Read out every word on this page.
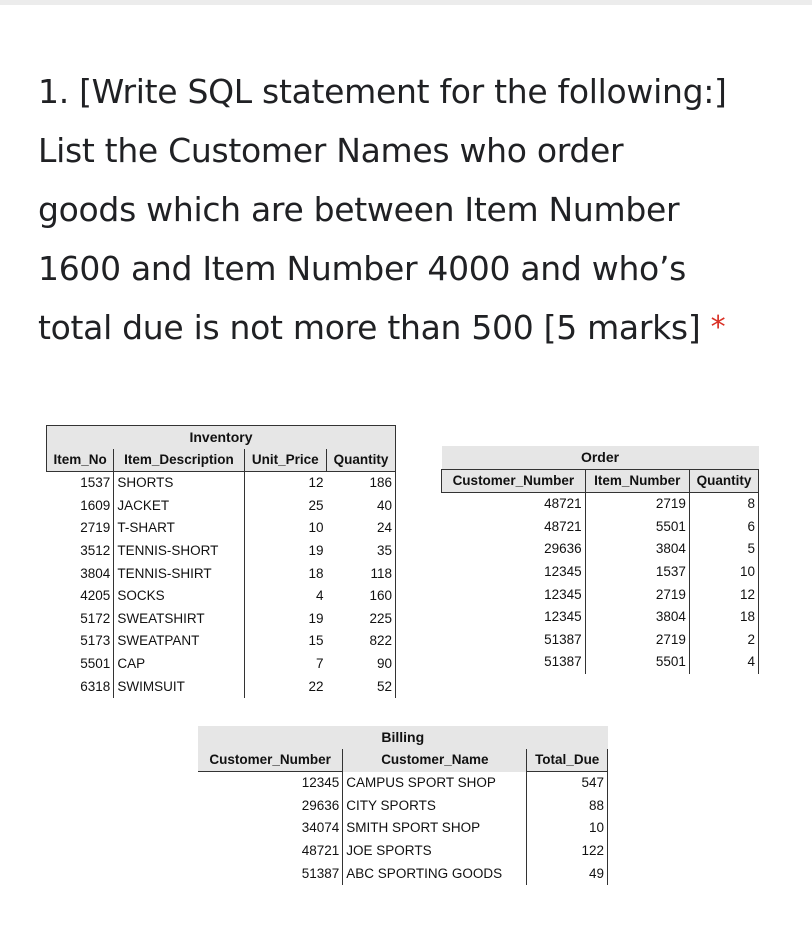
1. [Write SQL statement for the following:]
List the Customer Names who order
goods which are between Item Number
1600 and Item Number 4000 and who’s
total due is not more than 500 [5 marks] *
Inventory			
Item_No	Item_Description	Unit_Price	Quantity
1537	SHORTS	12	186
1609	JACKET	25	40
2719	T-SHART	10	24
3512	TENNIS-SHORT	19	35
3804	TENNIS-SHIRT	18	118
4205	SOCKS	4	160
5172	SWEATSHIRT	19	225
5173	SWEATPANT	15	822
5501	CAP	7	90
6318	SWIMSUIT	22	52
Order		
Customer_Number	Item_Number	Quantity
48721	2719	8
48721	5501	6
29636	3804	5
12345	1537	10
12345	2719	12
12345	3804	18
51387	2719	2
51387	5501	4
Billing		
Customer_Number	Customer_Name	Total_Due
12345	CAMPUS SPORT SHOP	547
29636	CITY SPORTS	88
34074	SMITH SPORT SHOP	10
48721	JOE SPORTS	122
51387	ABC SPORTING GOODS	49
